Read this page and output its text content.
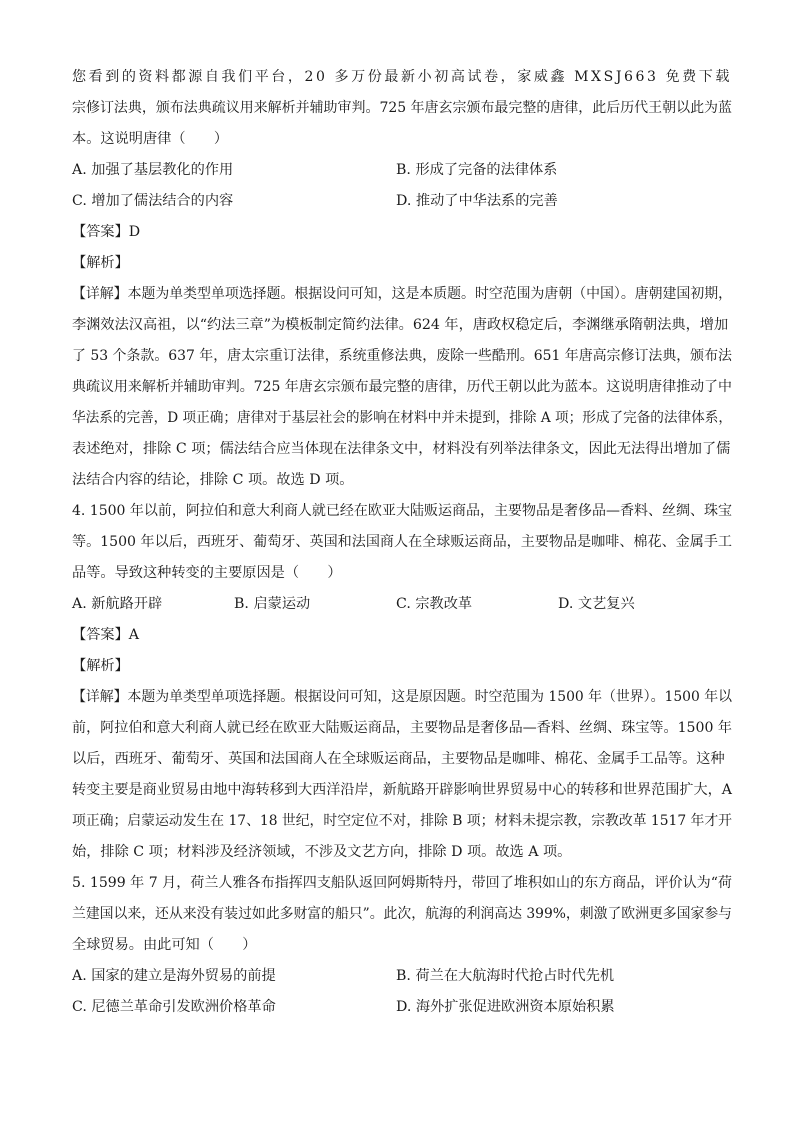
您看到的资料都源自我们平台，20 多万份最新小初高试卷，家威鑫 MXSJ663 免费下载
宗修订法典，颁布法典疏议用来解析并辅助审判。725 年唐玄宗颁布最完整的唐律，此后历代王朝以此为蓝
本。这说明唐律（　　）
A. 加强了基层教化的作用	B. 形成了完备的法律体系
C. 增加了儒法结合的内容	D. 推动了中华法系的完善
【答案】D
【解析】
【详解】本题为单类型单项选择题。根据设问可知，这是本质题。时空范围为唐朝（中国）。唐朝建国初期，
李渊效法汉高祖，以“约法三章”为模板制定简约法律。624 年，唐政权稳定后，李渊继承隋朝法典，增加
了 53 个条款。637 年，唐太宗重订法律，系统重修法典，废除一些酷刑。651 年唐高宗修订法典，颁布法
典疏议用来解析并辅助审判。725 年唐玄宗颁布最完整的唐律，历代王朝以此为蓝本。这说明唐律推动了中
华法系的完善，D 项正确；唐律对于基层社会的影响在材料中并未提到，排除 A 项；形成了完备的法律体系，
表述绝对，排除 C 项；儒法结合应当体现在法律条文中，材料没有列举法律条文，因此无法得出增加了儒
法结合内容的结论，排除 C 项。故选 D 项。
4. 1500 年以前，阿拉伯和意大利商人就已经在欧亚大陆贩运商品，主要物品是奢侈品—香料、丝绸、珠宝
等。1500 年以后，西班牙、葡萄牙、英国和法国商人在全球贩运商品，主要物品是咖啡、棉花、金属手工
品等。导致这种转变的主要原因是（　　）
A. 新航路开辟	B. 启蒙运动	C. 宗教改革	D. 文艺复兴
【答案】A
【解析】
【详解】本题为单类型单项选择题。根据设问可知，这是原因题。时空范围为 1500 年（世界）。1500 年以
前，阿拉伯和意大利商人就已经在欧亚大陆贩运商品，主要物品是奢侈品—香料、丝绸、珠宝等。1500 年
以后，西班牙、葡萄牙、英国和法国商人在全球贩运商品，主要物品是咖啡、棉花、金属手工品等。这种
转变主要是商业贸易由地中海转移到大西洋沿岸，新航路开辟影响世界贸易中心的转移和世界范围扩大，A
项正确；启蒙运动发生在 17、18 世纪，时空定位不对，排除 B 项；材料未提宗教，宗教改革 1517 年才开
始，排除 C 项；材料涉及经济领域，不涉及文艺方向，排除 D 项。故选 A 项。
5. 1599 年 7 月，荷兰人雅各布指挥四支船队返回阿姆斯特丹，带回了堆积如山的东方商品，评价认为“荷
兰建国以来，还从来没有装过如此多财富的船只”。此次，航海的利润高达 399%，刺激了欧洲更多国家参与
全球贸易。由此可知（　　）
A. 国家的建立是海外贸易的前提	B. 荷兰在大航海时代抢占时代先机
C. 尼德兰革命引发欧洲价格革命	D. 海外扩张促进欧洲资本原始积累
